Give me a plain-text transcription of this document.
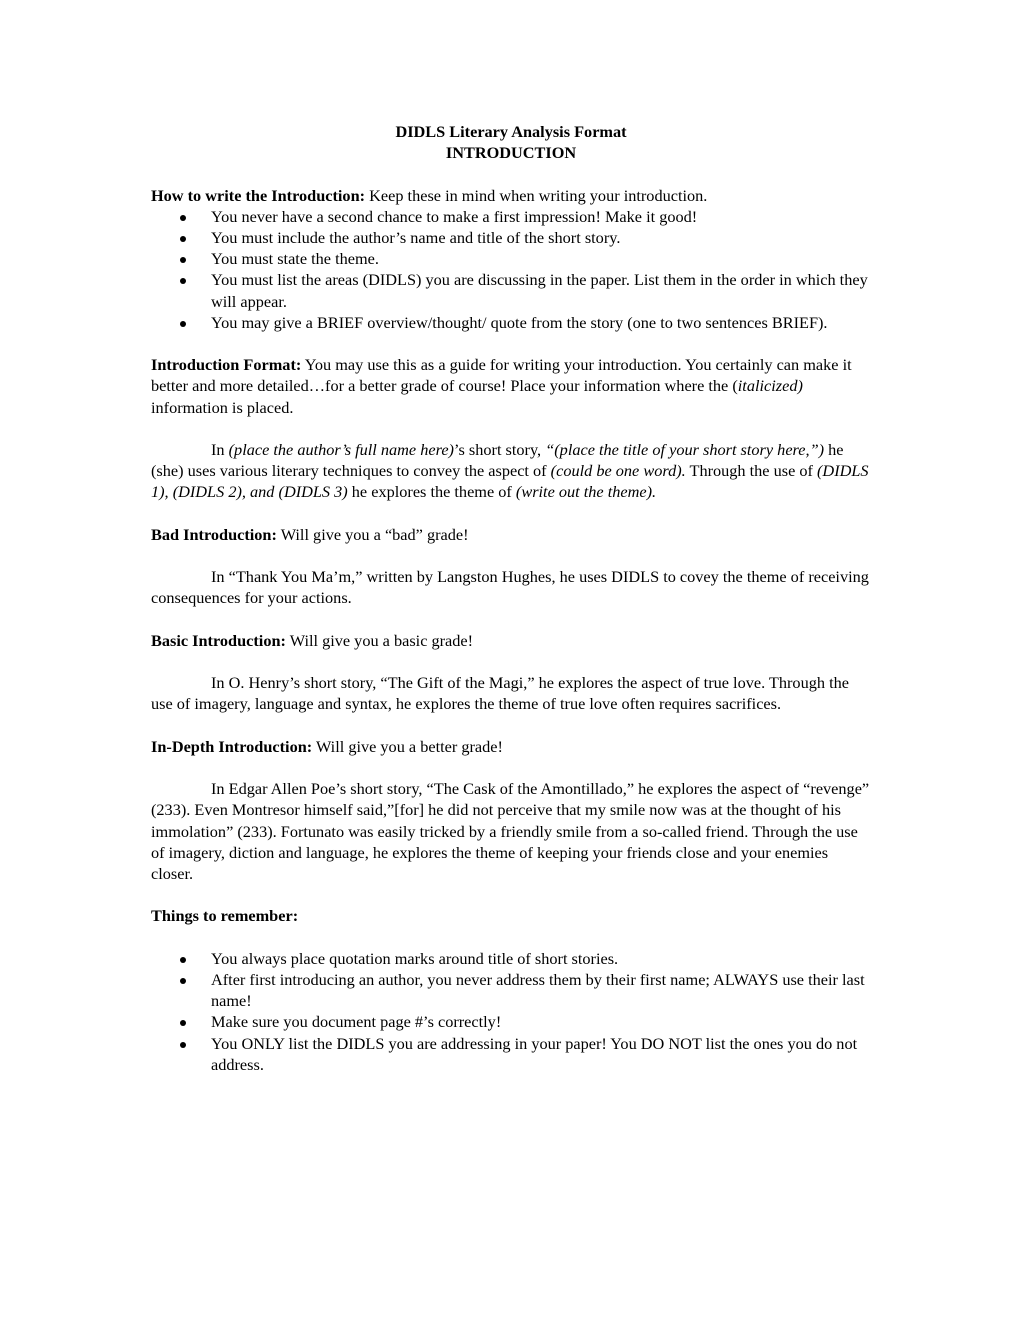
DIDLS Literary Analysis Format
INTRODUCTION

How to write the Introduction: Keep these in mind when writing your introduction.

You never have a second chance to make a first impression! Make it good!
You must include the author’s name and title of the short story.
You must state the theme.
You must list the areas (DIDLS) you are discussing in the paper. List them in the order in which they will appear.
You may give a BRIEF overview/thought/ quote from the story (one to two sentences BRIEF).

Introduction Format: You may use this as a guide for writing your introduction. You certainly can make it better and more detailed…for a better grade of course! Place your information where the (italicized) information is placed.

In (place the author’s full name here)’s short story, “(place the title of your short story here,”) he (she) uses various literary techniques to convey the aspect of (could be one word). Through the use of (DIDLS 1), (DIDLS 2), and (DIDLS 3) he explores the theme of (write out the theme).

Bad Introduction: Will give you a “bad” grade!

In “Thank You Ma’m,” written by Langston Hughes, he uses DIDLS to covey the theme of receiving consequences for your actions.

Basic Introduction: Will give you a basic grade!

In O. Henry’s short story, “The Gift of the Magi,” he explores the aspect of true love. Through the use of imagery, language and syntax, he explores the theme of true love often requires sacrifices.

In-Depth Introduction: Will give you a better grade!

In Edgar Allen Poe’s short story, “The Cask of the Amontillado,” he explores the aspect of “revenge” (233). Even Montresor himself said,”[for] he did not perceive that my smile now was at the thought of his immolation” (233). Fortunato was easily tricked by a friendly smile from a so-called friend. Through the use of imagery, diction and language, he explores the theme of keeping your friends close and your enemies closer.

Things to remember:

You always place quotation marks around title of short stories.
After first introducing an author, you never address them by their first name; ALWAYS use their last name!
Make sure you document page #’s correctly!
You ONLY list the DIDLS you are addressing in your paper! You DO NOT list the ones you do not address.
